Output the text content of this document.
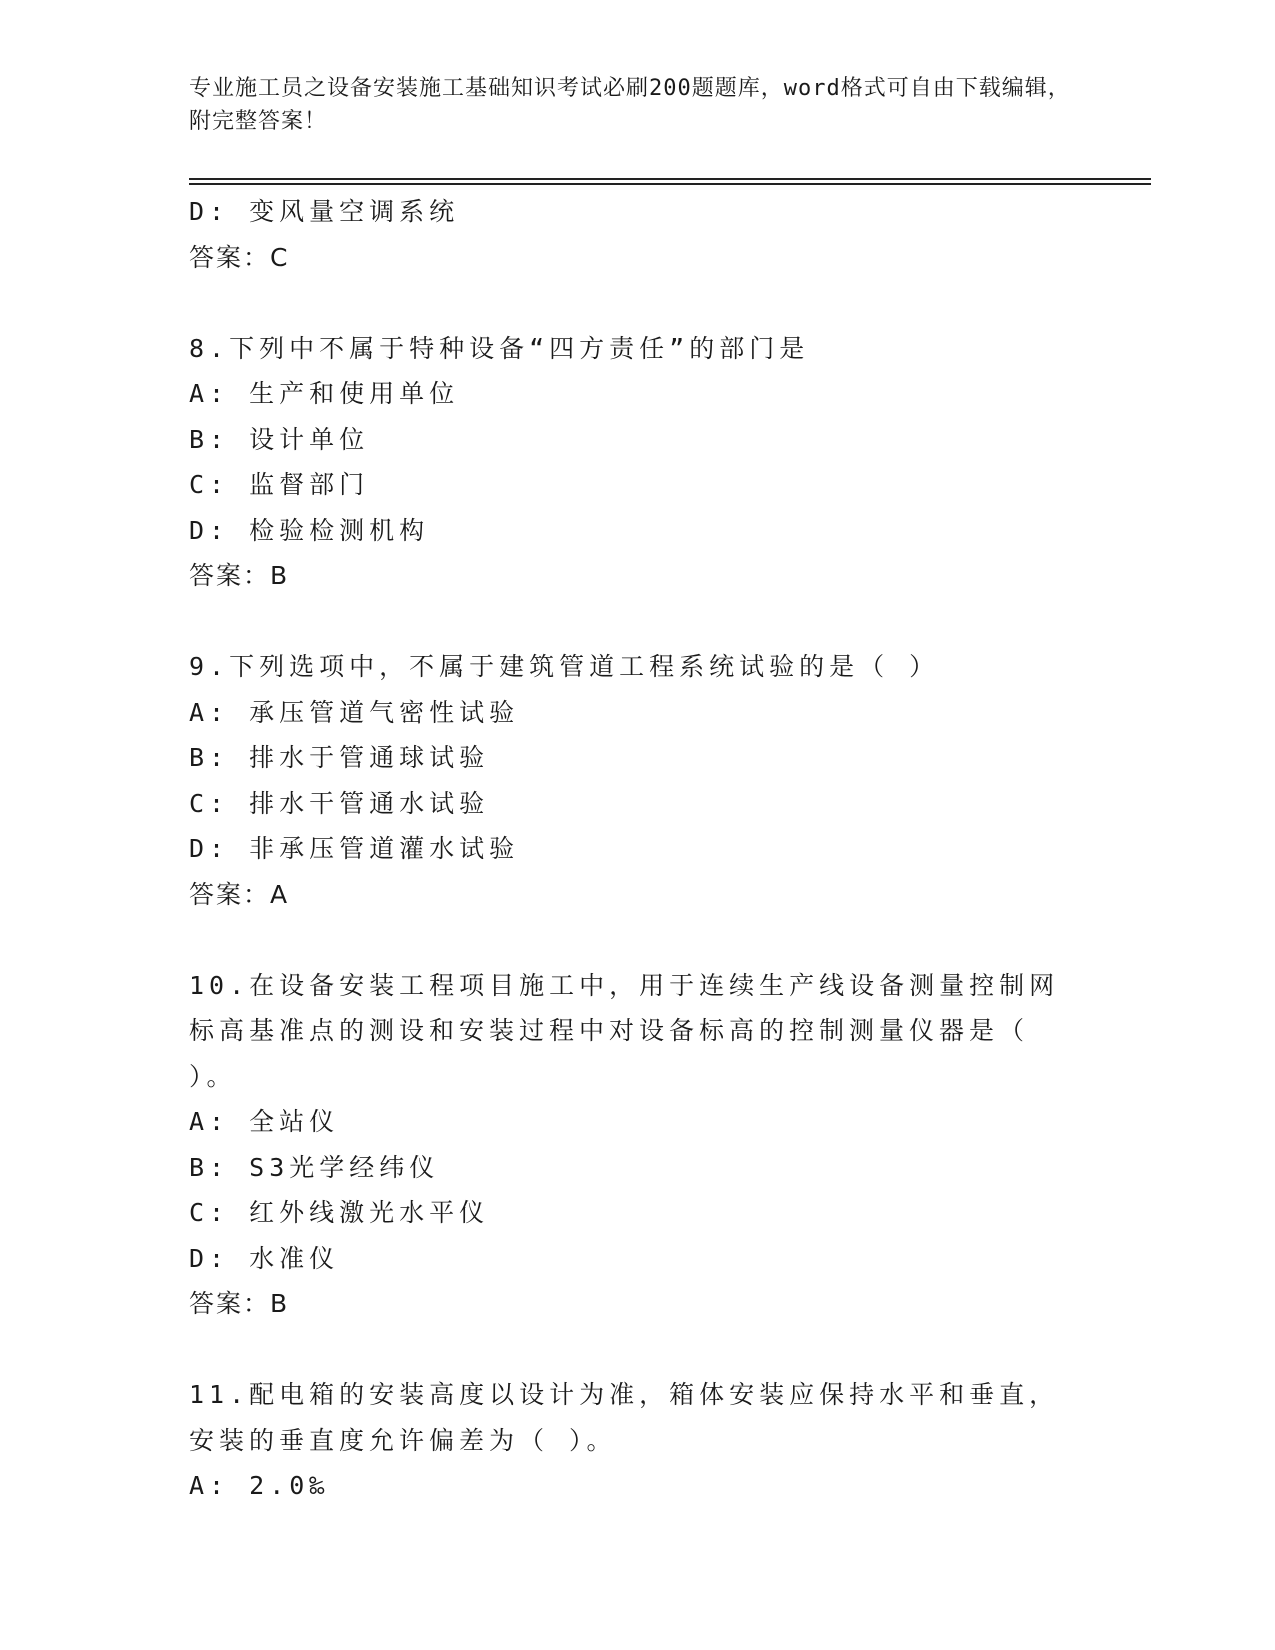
专业施工员之设备安装施工基础知识考试必刷200题题库，word格式可自由下载编辑，附完整答案！
D: 变风量空调系统
答案：C
8.下列中不属于特种设备“四方责任”的部门是
A: 生产和使用单位
B: 设计单位
C: 监督部门
D: 检验检测机构
答案：B
9.下列选项中，不属于建筑管道工程系统试验的是（ ）
A: 承压管道气密性试验
B: 排水于管通球试验
C: 排水干管通水试验
D: 非承压管道灌水试验
答案：A
10.在设备安装工程项目施工中，用于连续生产线设备测量控制网标高基准点的测设和安装过程中对设备标高的控制测量仪器是（ ）。
A: 全站仪
B: S3光学经纬仪
C: 红外线激光水平仪
D: 水准仪
答案：B
11.配电箱的安装高度以设计为准，箱体安装应保持水平和垂直，安装的垂直度允许偏差为（ ）。
A: 2.0‰
